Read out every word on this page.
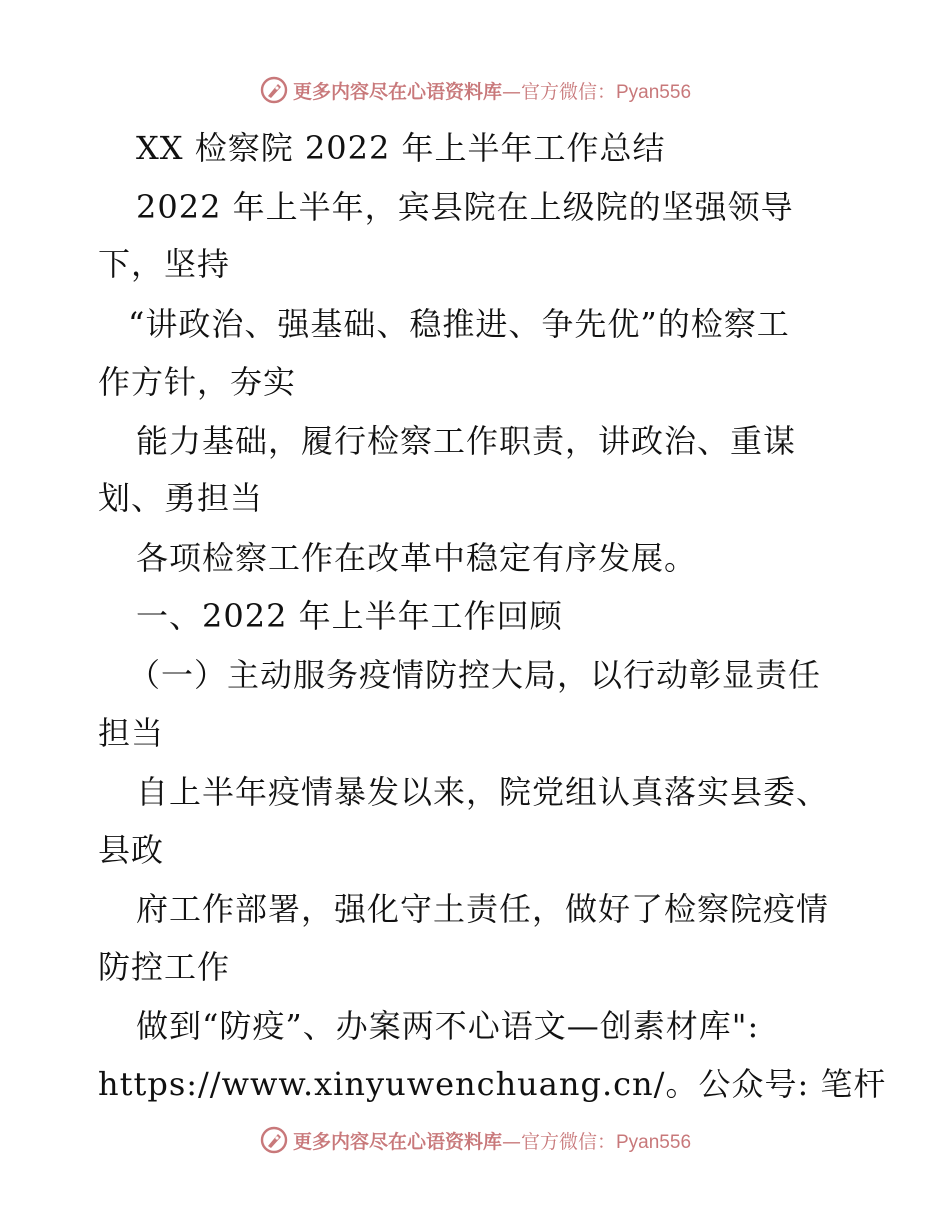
更多内容尽在心语资料库—官方微信：Pyan556
XX 检察院 2022 年上半年工作总结
2022 年上半年，宾县院在上级院的坚强领导
下，坚持
“讲政治、强基础、稳推进、争先优”的检察工
作方针，夯实
能力基础，履行检察工作职责，讲政治、重谋
划、勇担当
各项检察工作在改革中稳定有序发展。
一、2022 年上半年工作回顾
（一）主动服务疫情防控大局，以行动彰显责任
担当
自上半年疫情暴发以来，院党组认真落实县委、
县政
府工作部署，强化守土责任，做好了检察院疫情
防控工作
做到“防疫”、办案两不心语文—创素材库":
https://www.xinyuwenchuang.cn/。公众号: 笔杆
更多内容尽在心语资料库—官方微信：Pyan556
